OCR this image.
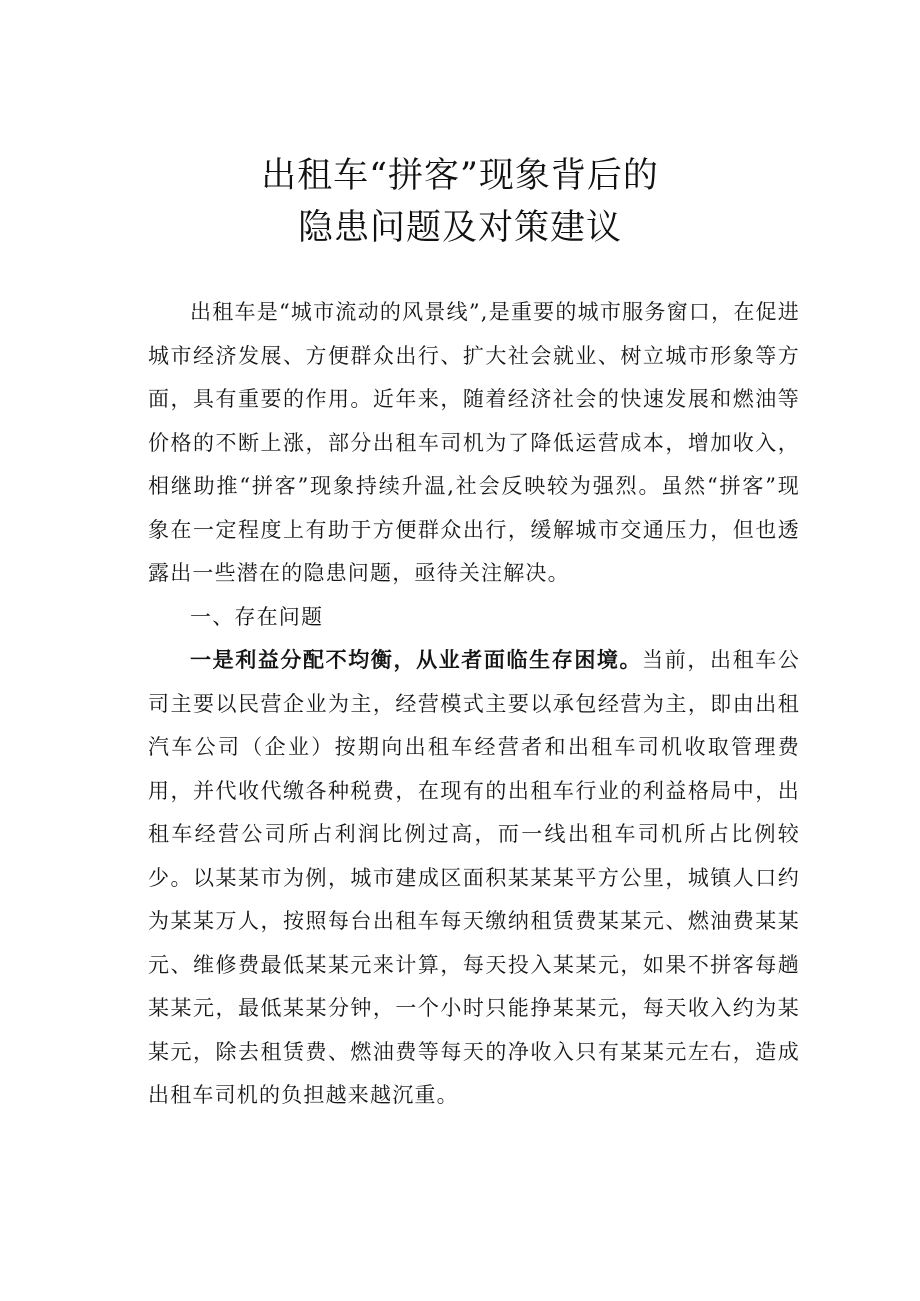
出租车“拼客”现象背后的
隐患问题及对策建议

出租车是“城市流动的风景线”,是重要的城市服务窗口，在促进城市经济发展、方便群众出行、扩大社会就业、树立城市形象等方面，具有重要的作用。近年来，随着经济社会的快速发展和燃油等价格的不断上涨，部分出租车司机为了降低运营成本，增加收入，相继助推“拼客”现象持续升温,社会反映较为强烈。虽然“拼客”现象在一定程度上有助于方便群众出行，缓解城市交通压力，但也透露出一些潜在的隐患问题，亟待关注解决。

一、存在问题

一是利益分配不均衡，从业者面临生存困境。当前，出租车公司主要以民营企业为主，经营模式主要以承包经营为主，即由出租汽车公司（企业）按期向出租车经营者和出租车司机收取管理费用，并代收代缴各种税费，在现有的出租车行业的利益格局中，出租车经营公司所占利润比例过高，而一线出租车司机所占比例较少。以某某市为例，城市建成区面积某某某平方公里，城镇人口约为某某万人，按照每台出租车每天缴纳租赁费某某元、燃油费某某元、维修费最低某某元来计算，每天投入某某元，如果不拼客每趟某某元，最低某某分钟，一个小时只能挣某某元，每天收入约为某某元，除去租赁费、燃油费等每天的净收入只有某某元左右，造成出租车司机的负担越来越沉重。
